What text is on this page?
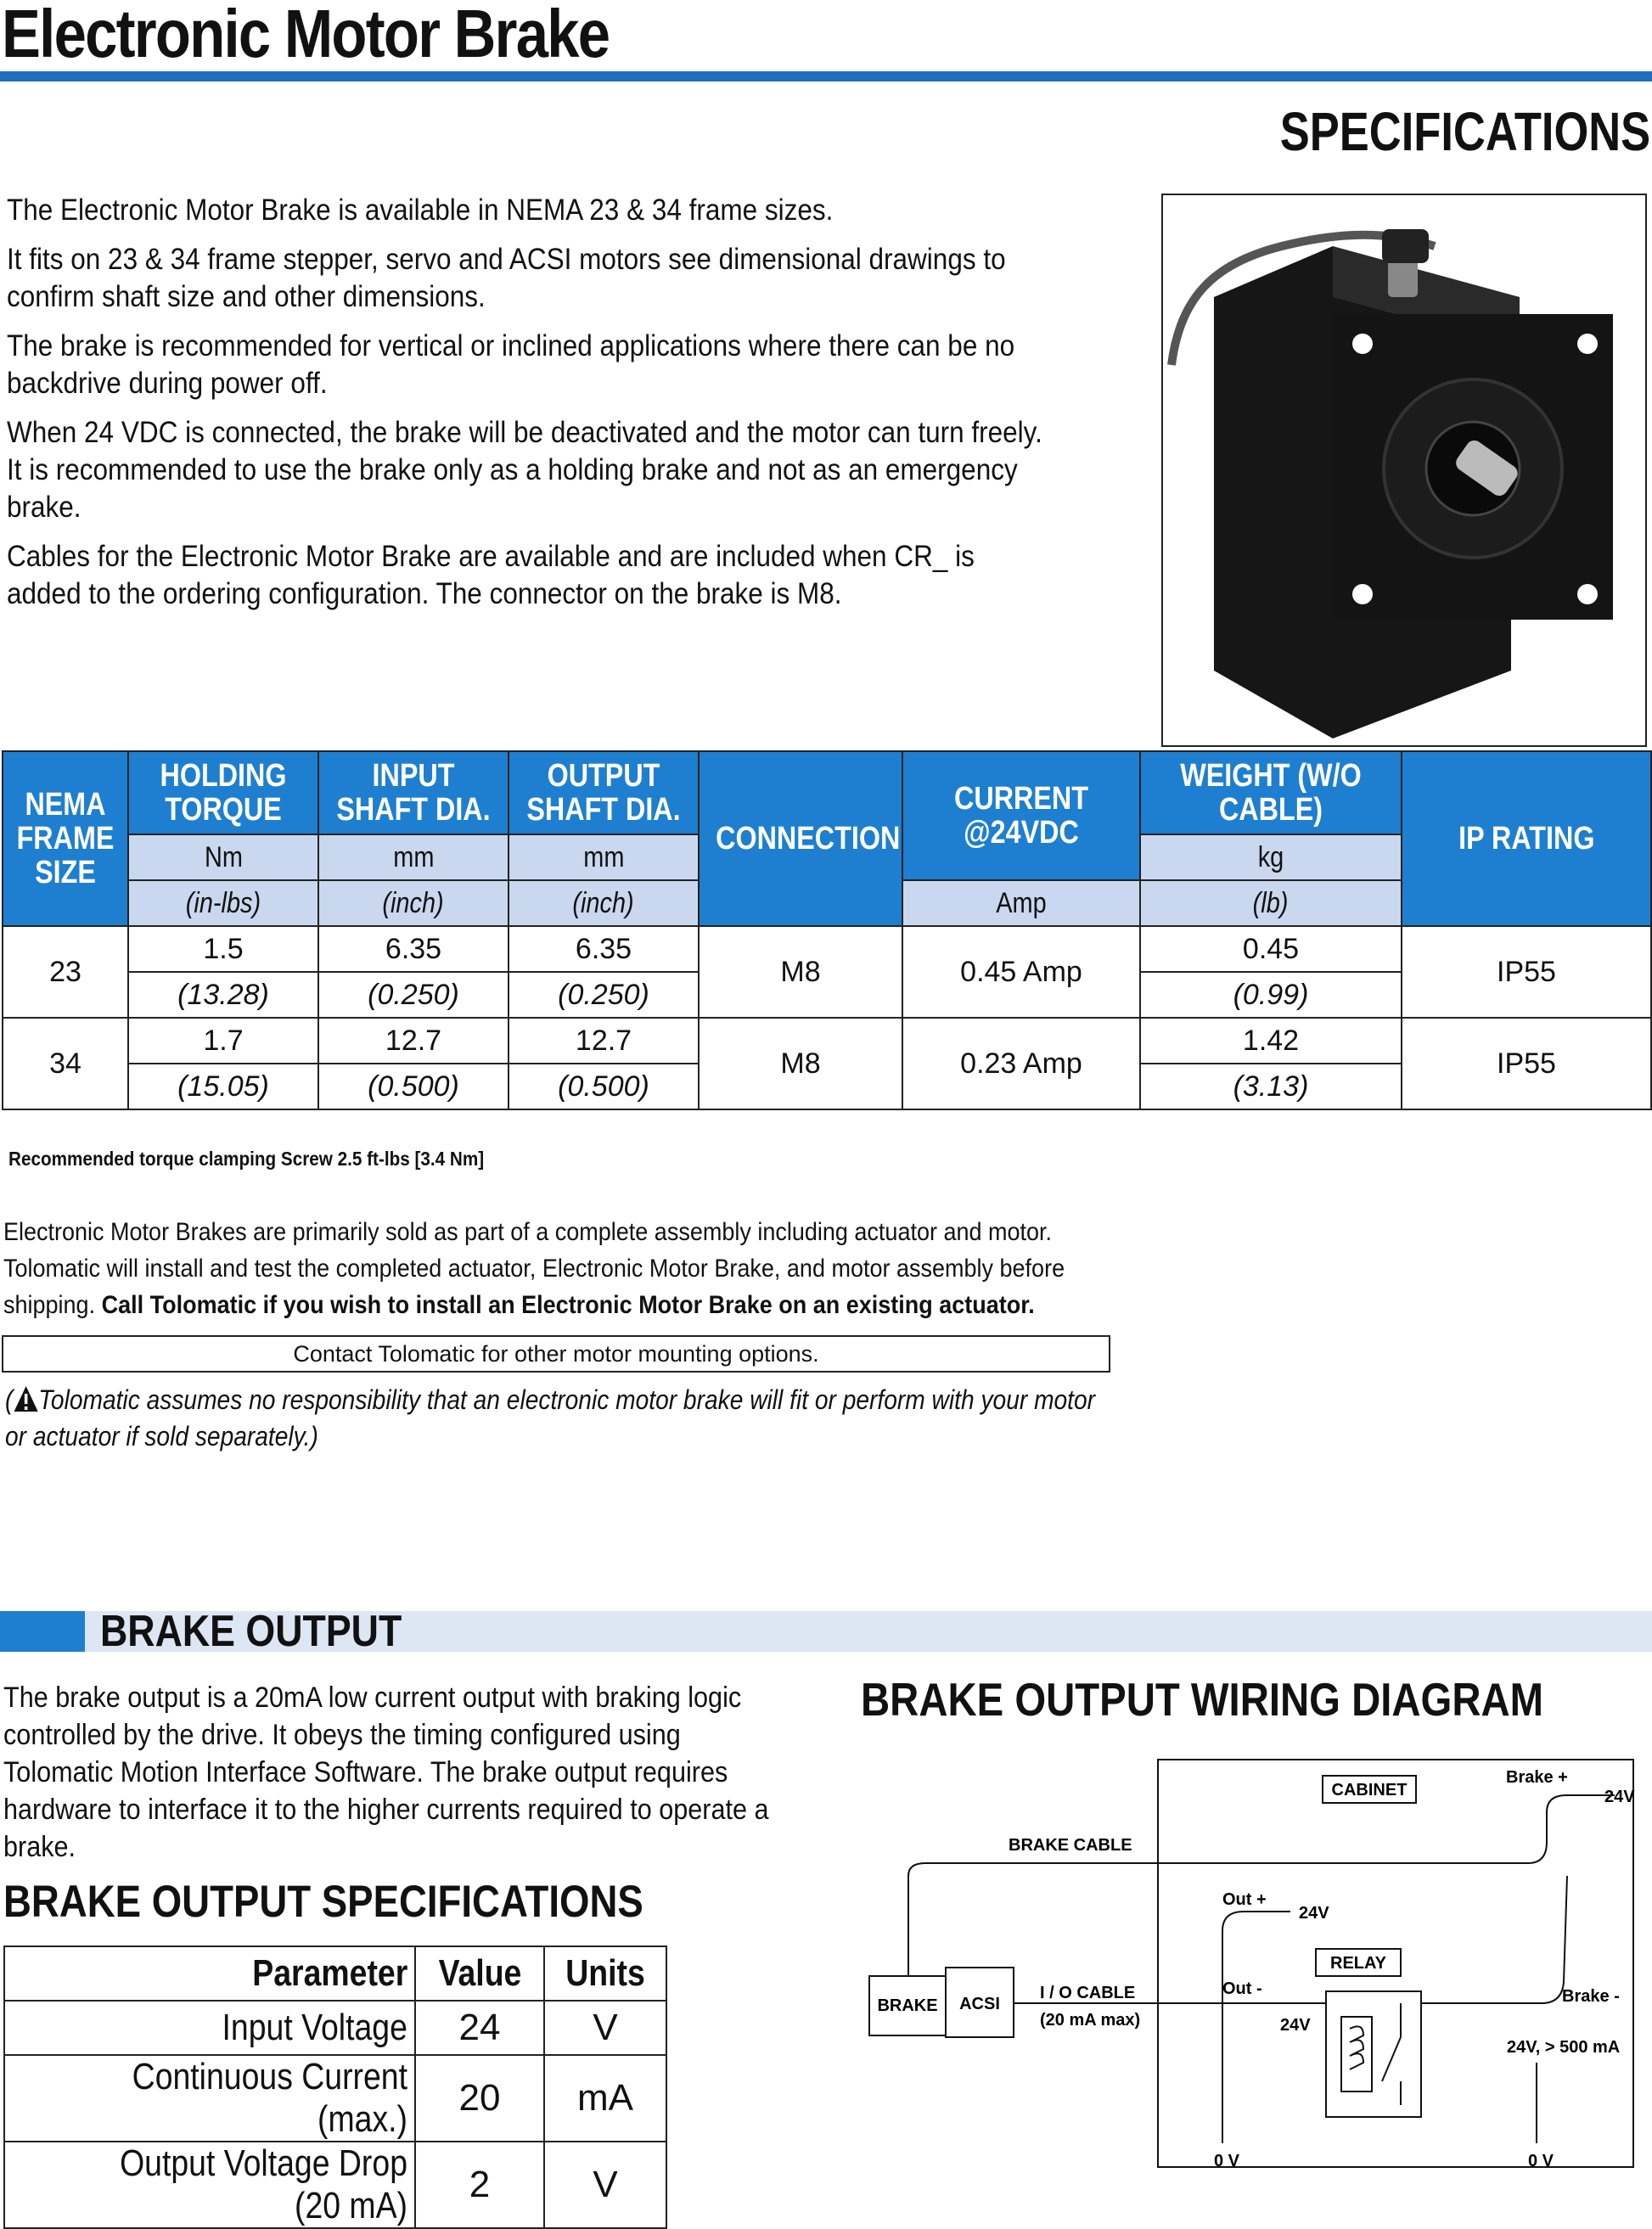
Electronic Motor Brake
SPECIFICATIONS

The Electronic Motor Brake is available in NEMA 23 & 34 frame sizes.

It fits on 23 & 34 frame stepper, servo and ACSI motors see dimensional drawings to confirm shaft size and other dimensions.

The brake is recommended for vertical or inclined applications where there can be no backdrive during power off.

When 24 VDC is connected, the brake will be deactivated and the motor can turn freely. It is recommended to use the brake only as a holding brake and not as an emergency brake.

Cables for the Electronic Motor Brake are available and are included when CR_ is added to the ordering configuration. The connector on the brake is M8.

NEMA FRAME SIZE	HOLDING TORQUE	INPUT SHAFT DIA.	OUTPUT SHAFT DIA.	CONNECTION	CURRENT @24VDC	WEIGHT (W/O CABLE)	IP RATING
	Nm	mm	mm			kg	
	(in-lbs)	(inch)	(inch)		Amp	(lb)	
23	1.5	6.35	6.35	M8	0.45 Amp	0.45	IP55
	(13.28)	(0.250)	(0.250)			(0.99)	
34	1.7	12.7	12.7	M8	0.23 Amp	1.42	IP55
	(15.05)	(0.500)	(0.500)			(3.13)	
Recommended torque clamping Screw 2.5 ft-lbs [3.4 Nm]
Electronic Motor Brakes are primarily sold as part of a complete assembly including actuator and motor. Tolomatic will install and test the completed actuator, Electronic Motor Brake, and motor assembly before shipping. Call Tolomatic if you wish to install an Electronic Motor Brake on an existing actuator.
Contact Tolomatic for other motor mounting options.
( Tolomatic assumes no responsibility that an electronic motor brake will fit or perform with your motor or actuator if sold separately.)
BRAKE OUTPUT
The brake output is a 20mA low current output with braking logic controlled by the drive. It obeys the timing configured using Tolomatic Motion Interface Software. The brake output requires hardware to interface it to the higher currents required to operate a brake.
BRAKE OUTPUT SPECIFICATIONS
Parameter	Value	Units
Input Voltage	24	V
Continuous Current (max.)	20	mA
Output Voltage Drop (20 mA)	2	V
BRAKE OUTPUT WIRING DIAGRAM
CABINET
Brake +
24V
BRAKE CABLE
BRAKE ACSI
I / O CABLE
(20 mA max)
Out +
24V
Out -
RELAY
24V
Brake -
24V, > 500 mA
0 V	0 V
